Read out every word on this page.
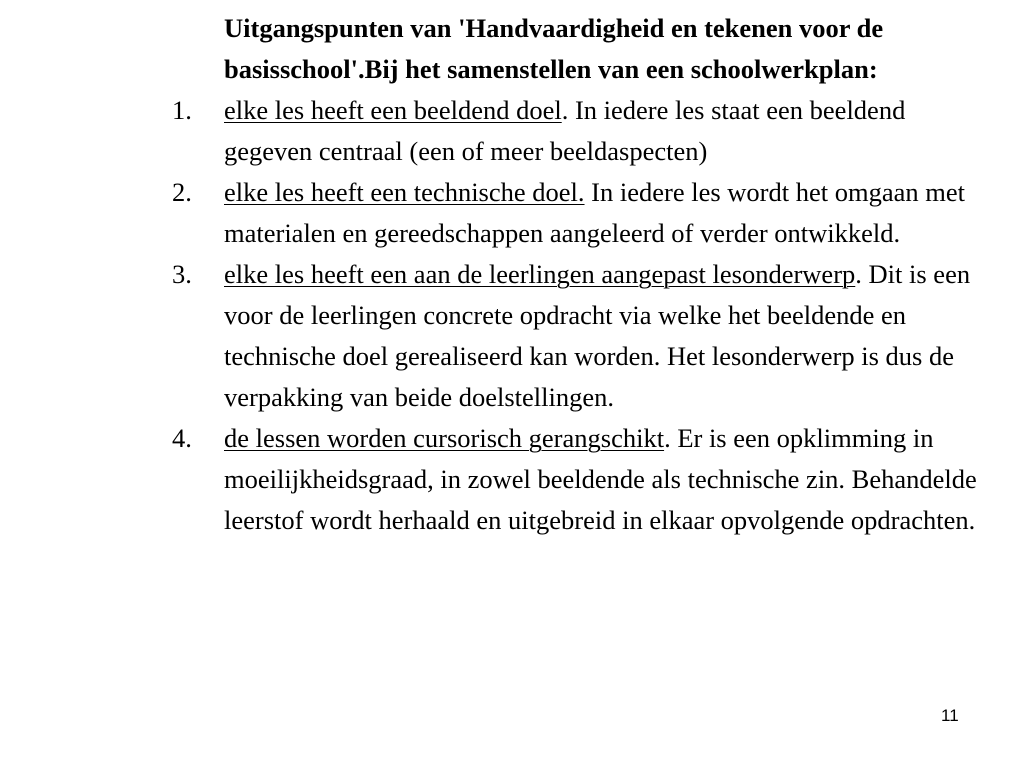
Uitgangspunten van 'Handvaardigheid en tekenen voor de basisschool'.Bij het samenstellen van een schoolwerkplan:
1. elke les heeft een beeldend doel. In iedere les staat een beeldend gegeven centraal (een of meer beeldaspecten)
2. elke les heeft een technische doel. In iedere les wordt het omgaan met materialen en gereedschappen aangeleerd of verder ontwikkeld.
3. elke les heeft een aan de leerlingen aangepast lesonderwerp. Dit is een voor de leerlingen concrete opdracht via welke het beeldende en technische doel gerealiseerd kan worden. Het lesonderwerp is dus de verpakking van beide doelstellingen.
4. de lessen worden cursorisch gerangschikt. Er is een opklimming in moeilijkheidsgraad, in zowel beeldende als technische zin. Behandelde leerstof wordt herhaald en uitgebreid in elkaar opvolgende opdrachten.
11
